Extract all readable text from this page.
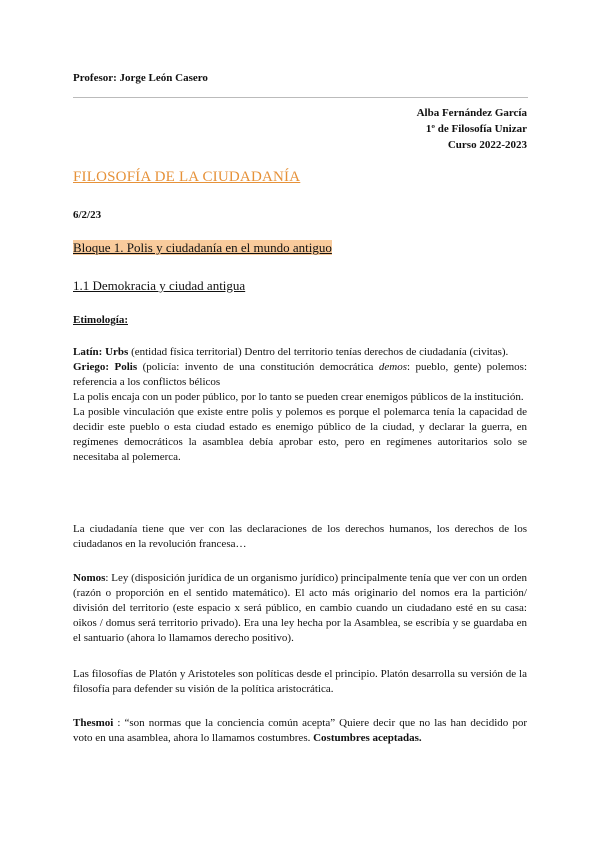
Profesor: Jorge León Casero
Alba Fernández García
1º de Filosofía Unizar
Curso 2022-2023
FILOSOFÍA DE LA CIUDADANÍA
6/2/23
Bloque 1. Polis y ciudadanía en el mundo antiguo
1.1 Demokracia y ciudad antigua
Etimología:

Latín: Urbs (entidad física territorial) Dentro del territorio tenías derechos de ciudadanía (civitas).

Griego: Polis (policía: invento de una constitución democrática demos: pueblo, gente) polemos: referencia a los conflictos bélicos

La polis encaja con un poder público, por lo tanto se pueden crear enemigos públicos de la institución.

La posible vinculación que existe entre polis y polemos es porque el polemarca tenía la capacidad de decidir este pueblo o esta ciudad estado es enemigo público de la ciudad, y declarar la guerra, en regímenes democráticos la asamblea debía aprobar esto, pero en regímenes autoritarios solo se necesitaba al polemerca.

La ciudadanía tiene que ver con las declaraciones de los derechos humanos, los derechos de los ciudadanos en la revolución francesa…
Nomos: Ley (disposición jurídica de un organismo jurídico) principalmente tenía que ver con un orden (razón o proporción en el sentido matemático). El acto más originario del nomos era la partición/ división del territorio (este espacio x será público, en cambio cuando un ciudadano esté en su casa: oikos / domus será territorio privado). Era una ley hecha por la Asamblea, se escribía y se guardaba en el santuario (ahora lo llamamos derecho positivo).
Las filosofías de Platón y Aristoteles son políticas desde el principio. Platón desarrolla su versión de la filosofía para defender su visión de la política aristocrática.
Thesmoi : “son normas que la conciencia común acepta” Quiere decir que no las han decidido por voto en una asamblea, ahora lo llamamos costumbres. Costumbres aceptadas.
